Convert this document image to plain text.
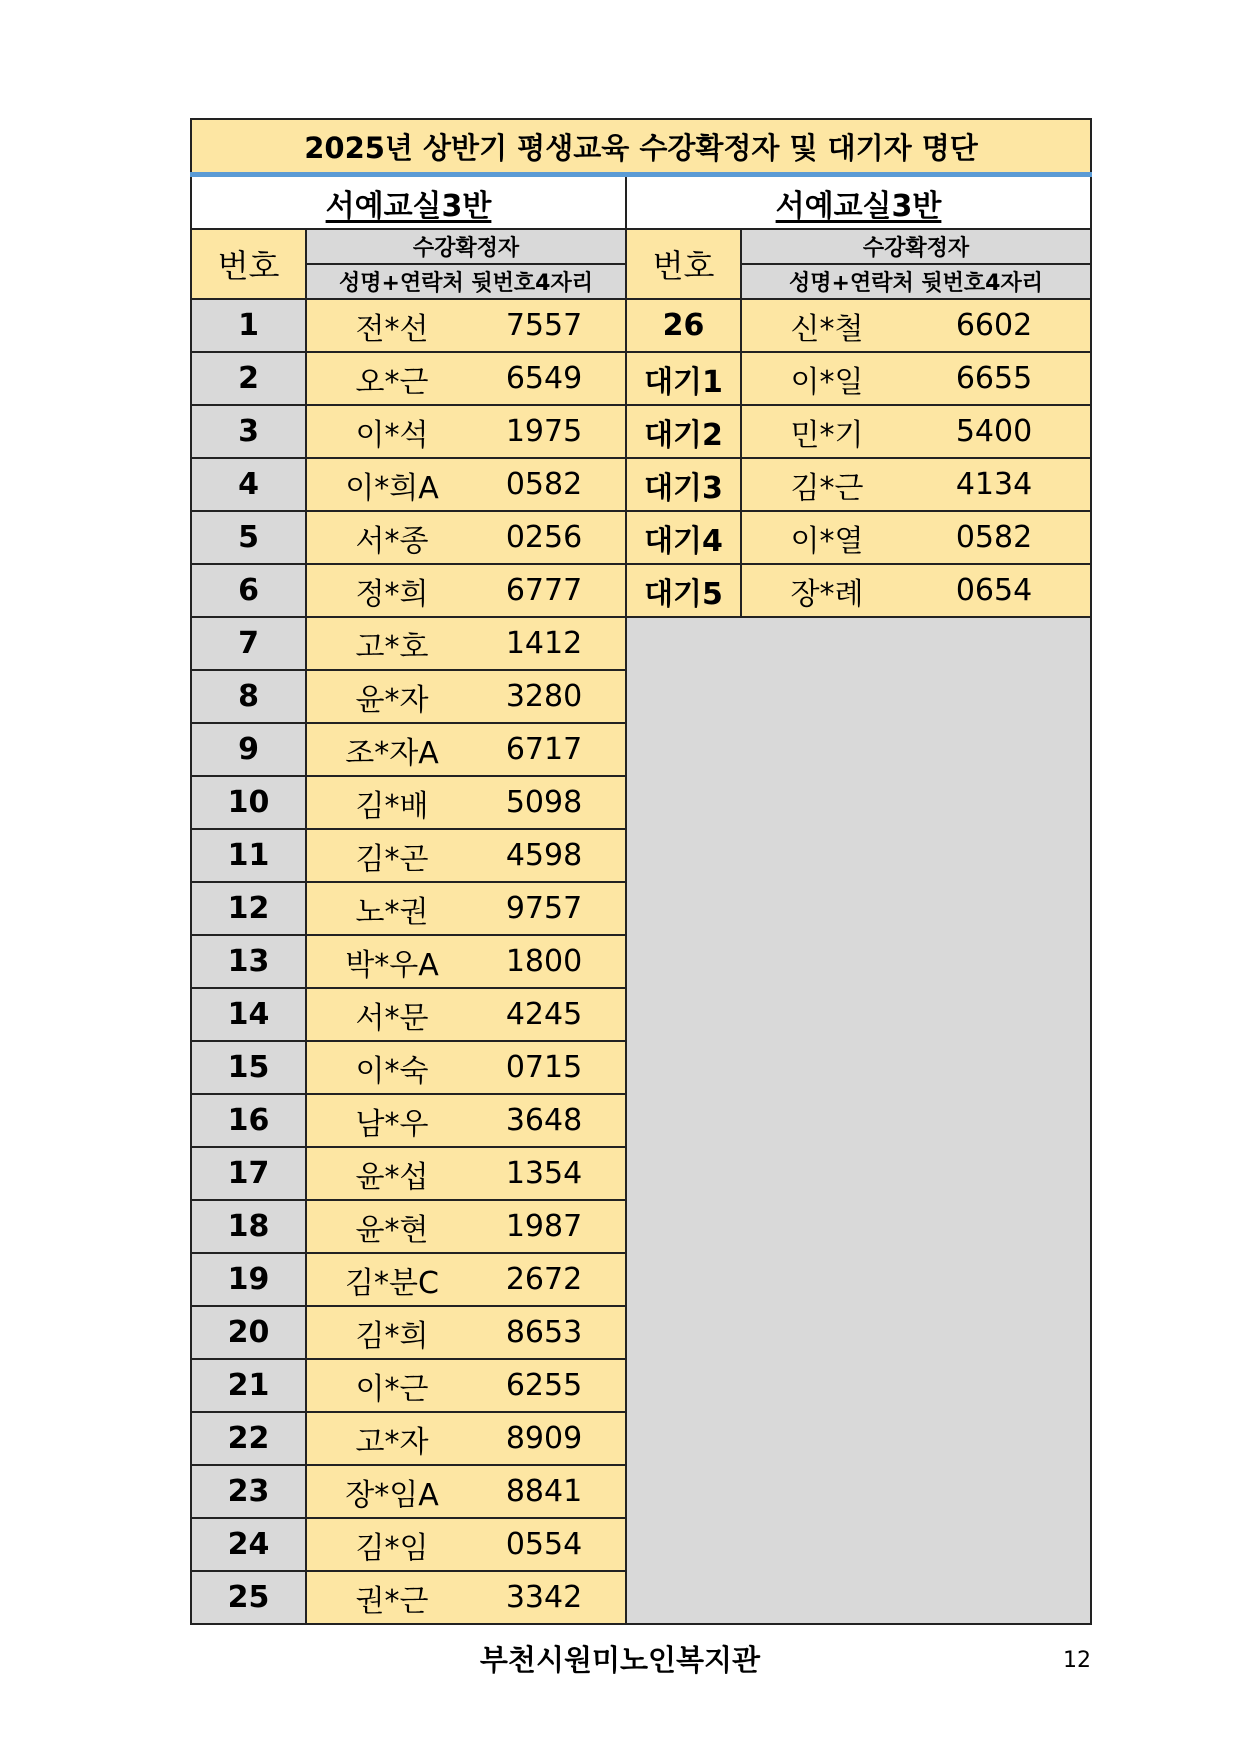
2025년 상반기 평생교육 수강확정자 및 대기자 명단			
서예교실3반		서예교실3반	
번호	수강확정자	번호	수강확정자
	성명+연락처 뒷번호4자리		성명+연락처 뒷번호4자리
1	전*선 7557	26	신*철 6602

2	오*근 6549	대기1	이*일 6655

3	이*석 1975	대기2	민*기 5400

4	이*희A 0582	대기3	김*근 4134

5	서*종 0256	대기4	이*열 0582

6	정*희 6777	대기5	장*례 0654

7	고*호 1412		

8	윤*자 3280		

9	조*자A 6717		

10	김*배 5098		

11	김*곤 4598		

12	노*권 9757		

13	박*우A 1800		

14	서*문 4245		

15	이*숙 0715		

16	남*우 3648		

17	윤*섭 1354		

18	윤*현 1987		

19	김*분C 2672		

20	김*희 8653		

21	이*근 6255		

22	고*자 8909		

23	장*임A 8841		

24	김*임 0554		

25	권*근 3342		
부천시원미노인복지관	12
